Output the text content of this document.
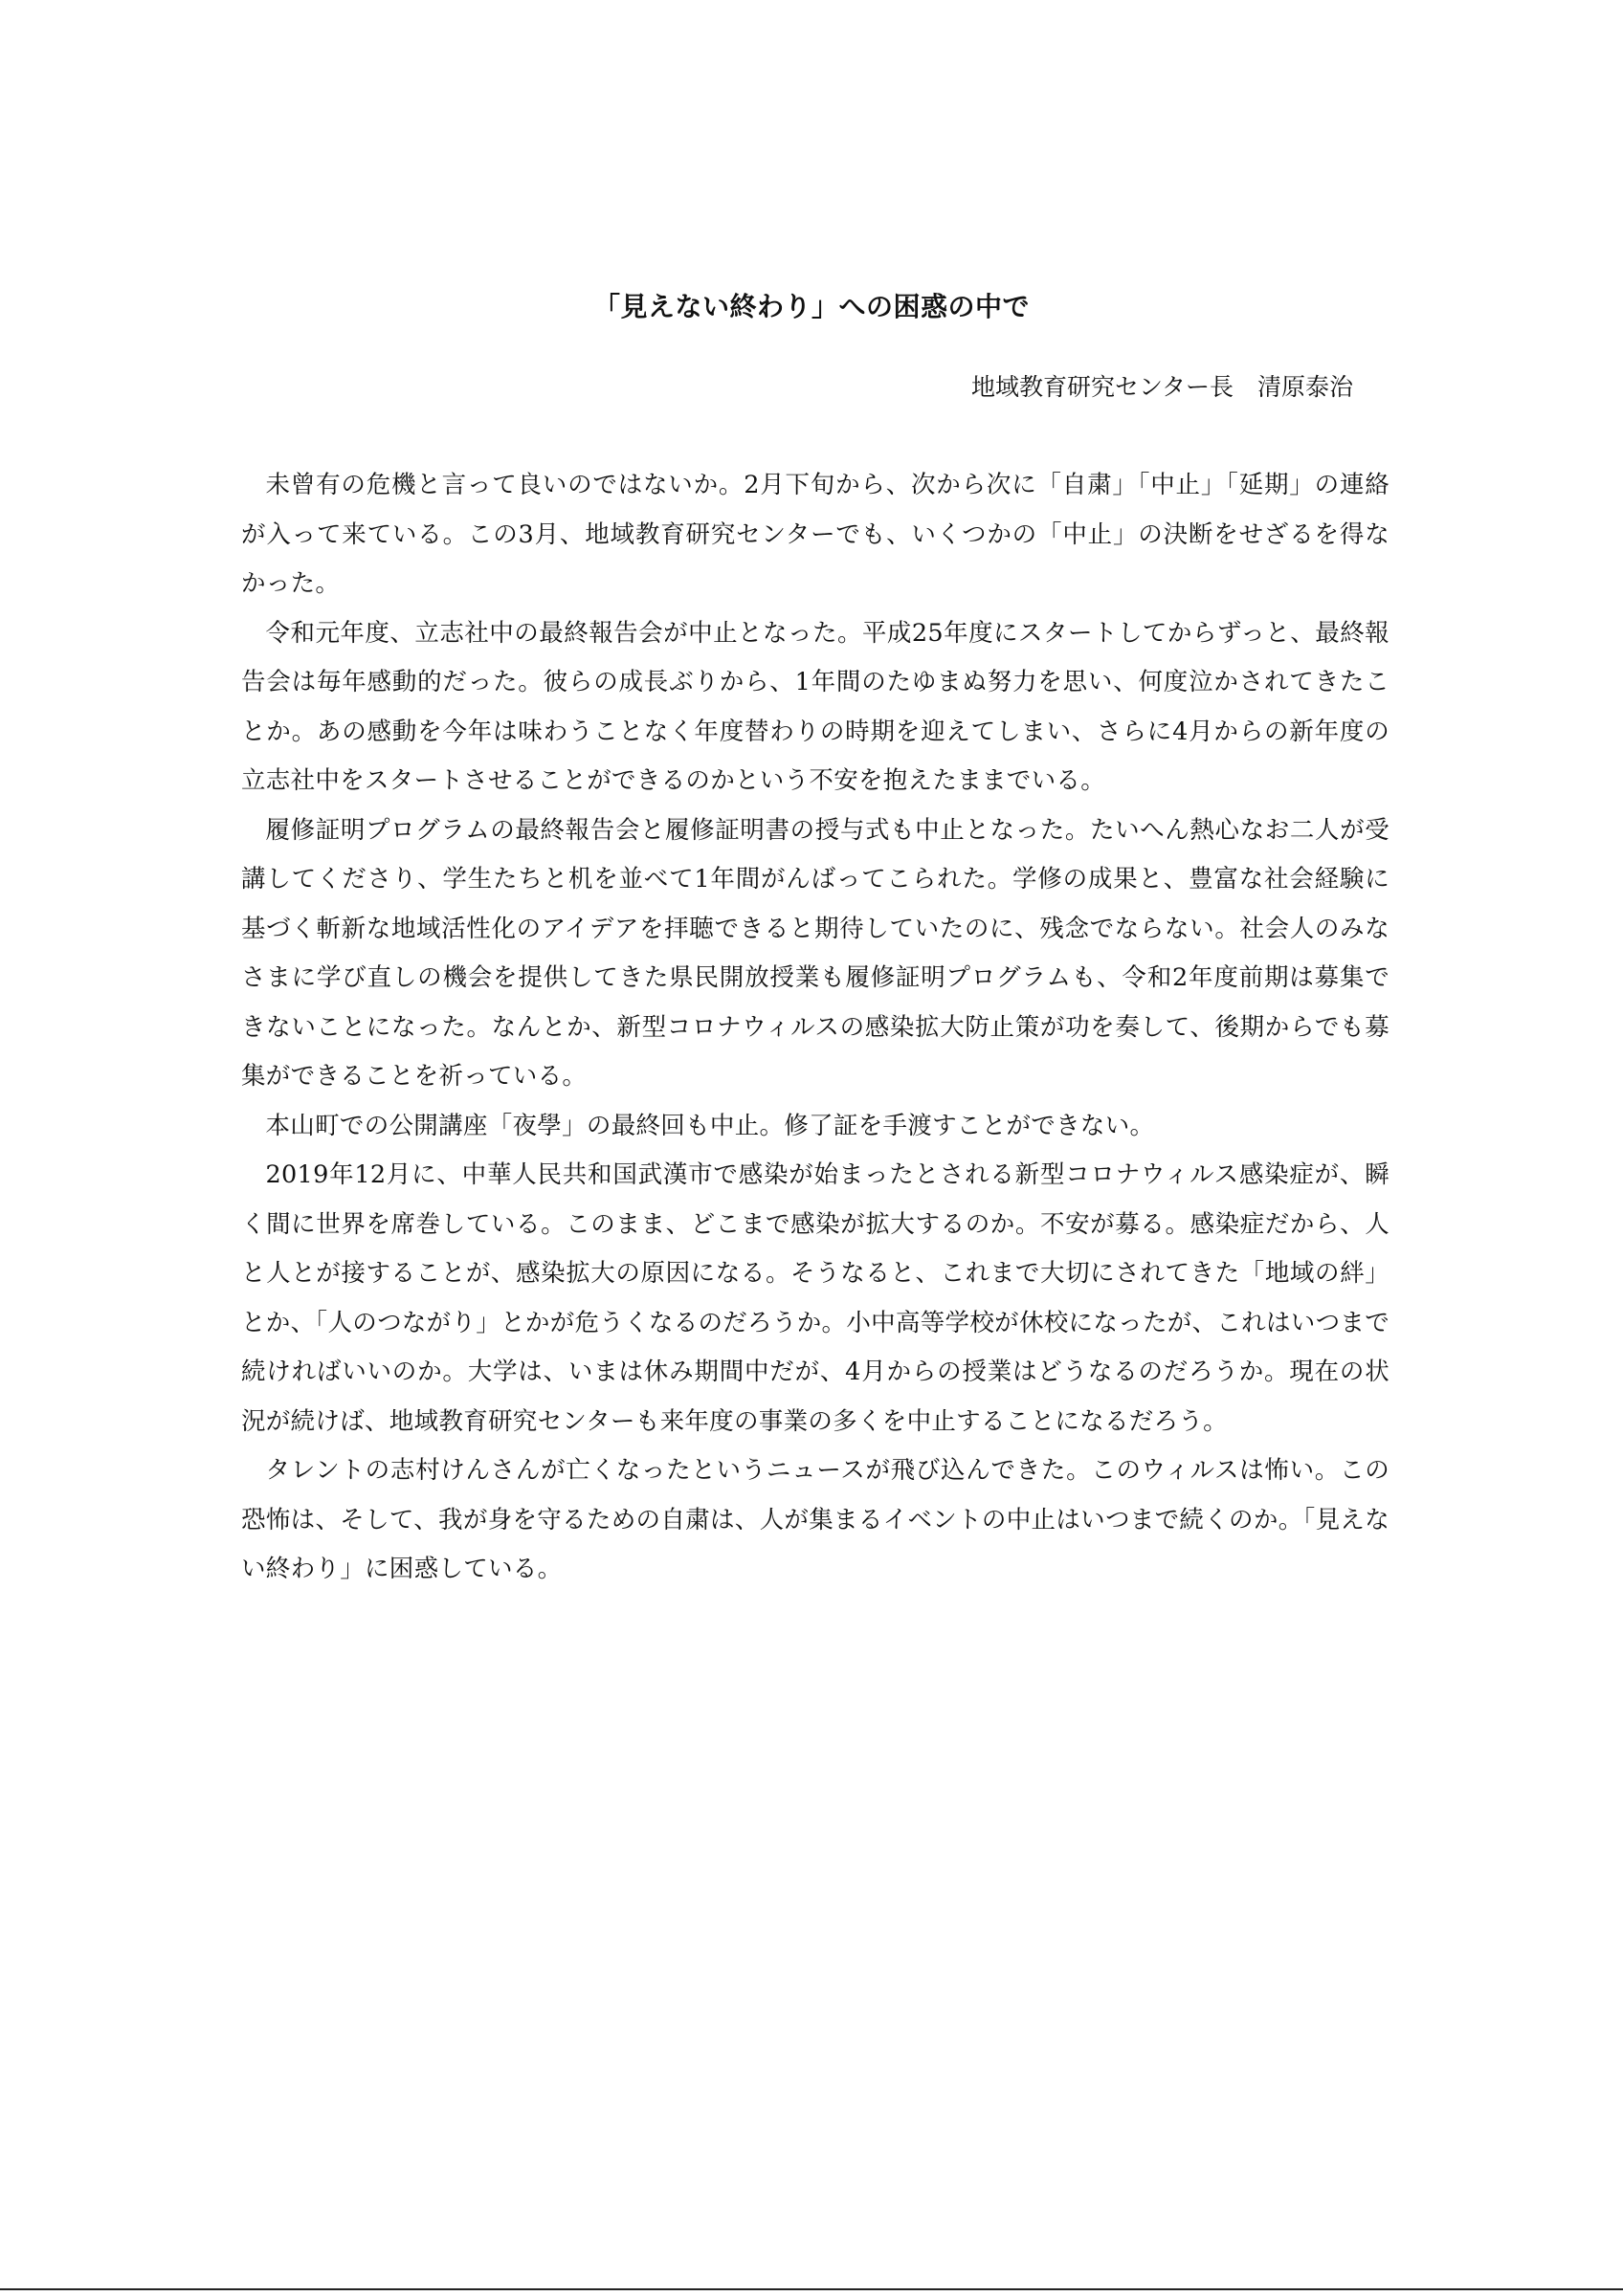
「見えない終わり」への困惑の中で
地域教育研究センター長　清原泰治

未曾有の危機と言って良いのではないか。2月下旬から、次から次に「自粛」「中止」「延期」の連絡が入って来ている。この3月、地域教育研究センターでも、いくつかの「中止」の決断をせざるを得なかった。

令和元年度、立志社中の最終報告会が中止となった。平成25年度にスタートしてからずっと、最終報告会は毎年感動的だった。彼らの成長ぶりから、1年間のたゆまぬ努力を思い、何度泣かされてきたことか。あの感動を今年は味わうことなく年度替わりの時期を迎えてしまい、さらに4月からの新年度の立志社中をスタートさせることができるのかという不安を抱えたままでいる。

履修証明プログラムの最終報告会と履修証明書の授与式も中止となった。たいへん熱心なお二人が受講してくださり、学生たちと机を並べて1年間がんばってこられた。学修の成果と、豊富な社会経験に基づく斬新な地域活性化のアイデアを拝聴できると期待していたのに、残念でならない。社会人のみなさまに学び直しの機会を提供してきた県民開放授業も履修証明プログラムも、令和2年度前期は募集できないことになった。なんとか、新型コロナウィルスの感染拡大防止策が功を奏して、後期からでも募集ができることを祈っている。

本山町での公開講座「夜學」の最終回も中止。修了証を手渡すことができない。

2019年12月に、中華人民共和国武漢市で感染が始まったとされる新型コロナウィルス感染症が、瞬く間に世界を席巻している。このまま、どこまで感染が拡大するのか。不安が募る。感染症だから、人と人とが接することが、感染拡大の原因になる。そうなると、これまで大切にされてきた「地域の絆」とか、「人のつながり」とかが危うくなるのだろうか。小中高等学校が休校になったが、これはいつまで続ければいいのか。大学は、いまは休み期間中だが、4月からの授業はどうなるのだろうか。現在の状況が続けば、地域教育研究センターも来年度の事業の多くを中止することになるだろう。

タレントの志村けんさんが亡くなったというニュースが飛び込んできた。このウィルスは怖い。この恐怖は、そして、我が身を守るための自粛は、人が集まるイベントの中止はいつまで続くのか。「見えない終わり」に困惑している。
